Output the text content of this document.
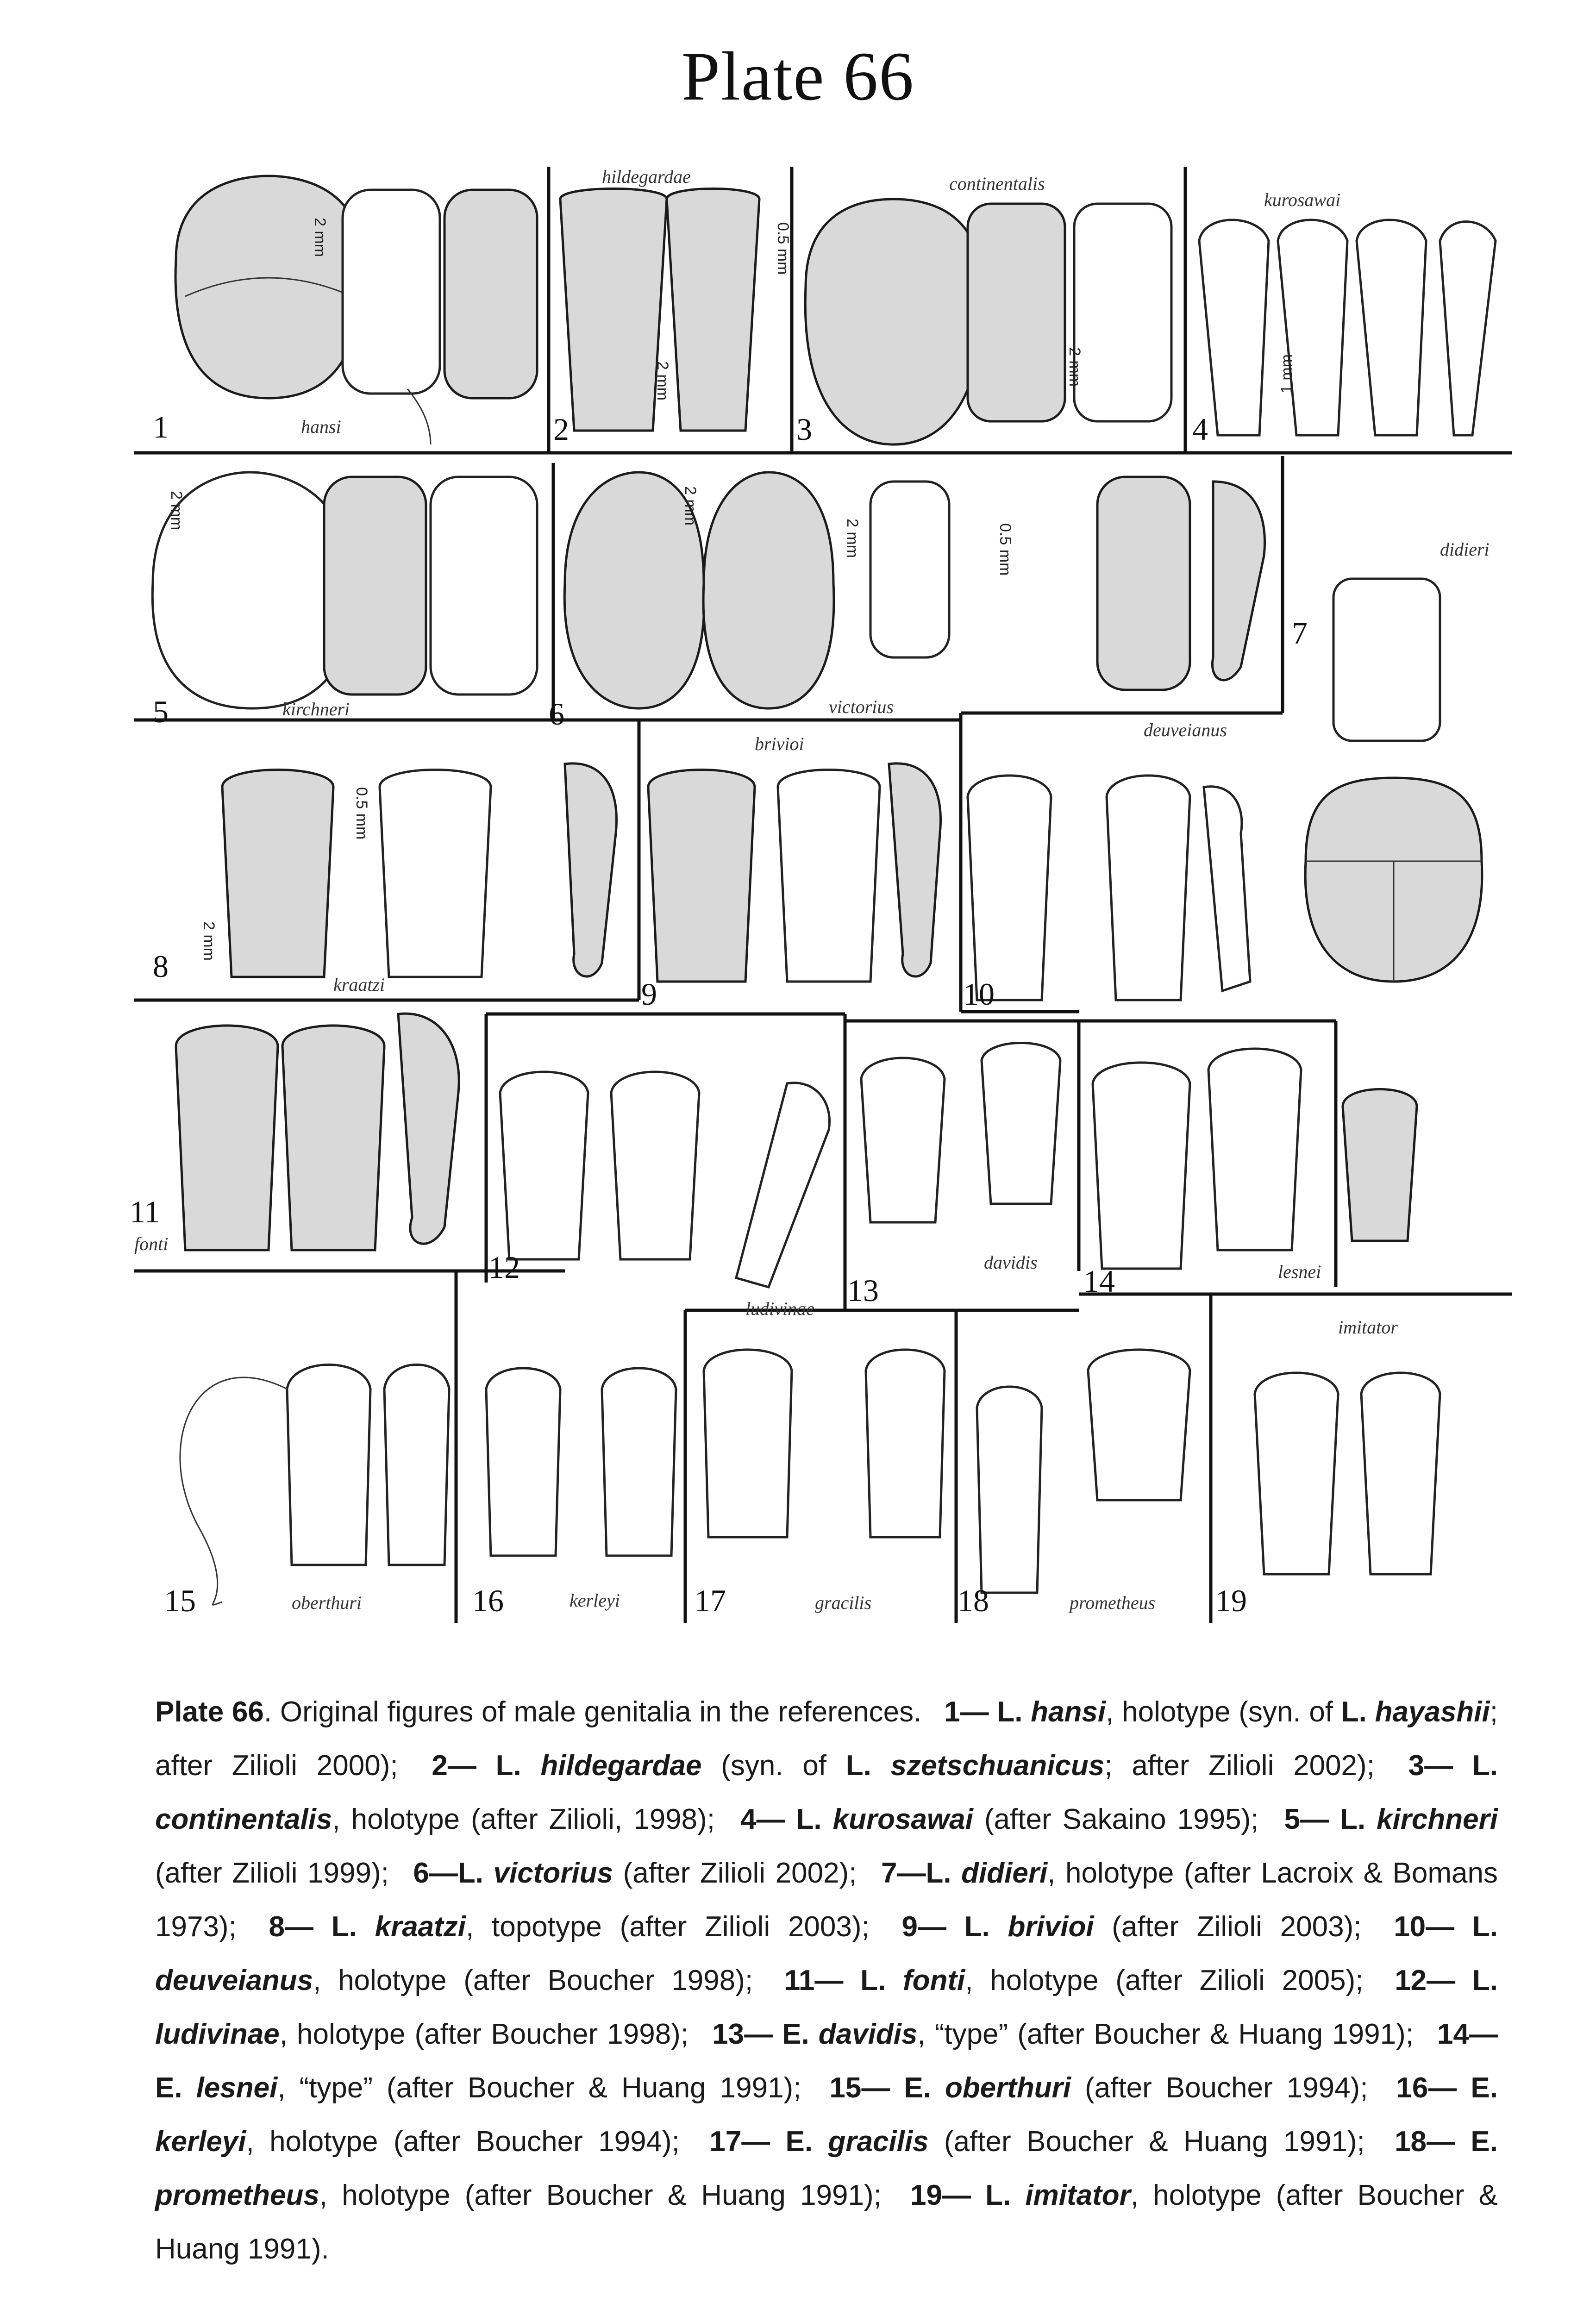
Plate 66
1	hansi
2 mm
2
hildegardae
0.5 mm
2 mm
3
continentalis
2 mm
4
kurosawai
1 mm
5	kirchneri
2 mm
6	victorius
2 mm
2 mm	0.5 mm
7
didieri
8
kraatzi
2 mm
0.5 mm
9
brivioi
10
deuveianus
11
fonti
12
ludivinae
13
davidis
14	lesnei
15	oberthuri	16	kerleyi 17	gracilis	18	prometheus 19
imitator
Plate 66. Original figures of male genitalia in the references.  1— L. hansi, holotype (syn. of L. hayashii; after Zilioli 2000);  2— L. hildegardae (syn. of L. szetschuanicus; after Zilioli 2002);  3— L. continentalis, holotype (after Zilioli, 1998);  4— L. kurosawai (after Sakaino 1995);  5— L. kirchneri (after Zilioli 1999);  6—L. victorius (after Zilioli 2002);  7—L. didieri, holotype (after Lacroix & Bomans 1973);  8— L. kraatzi, topotype (after Zilioli 2003);  9— L. brivioi (after Zilioli 2003);  10— L. deuveianus, holotype (after Boucher 1998);  11— L. fonti, holotype (after Zilioli 2005);  12— L. ludivinae, holotype (after Boucher 1998);  13— E. davidis, “type” (after Boucher & Huang 1991);  14— E. lesnei, “type” (after Boucher & Huang 1991);  15— E. oberthuri (after Boucher 1994);  16— E. kerleyi, holotype (after Boucher 1994);  17— E. gracilis (after Boucher & Huang 1991);  18— E. prometheus, holotype (after Boucher & Huang 1991);  19— L. imitator, holotype (after Boucher & Huang 1991).
